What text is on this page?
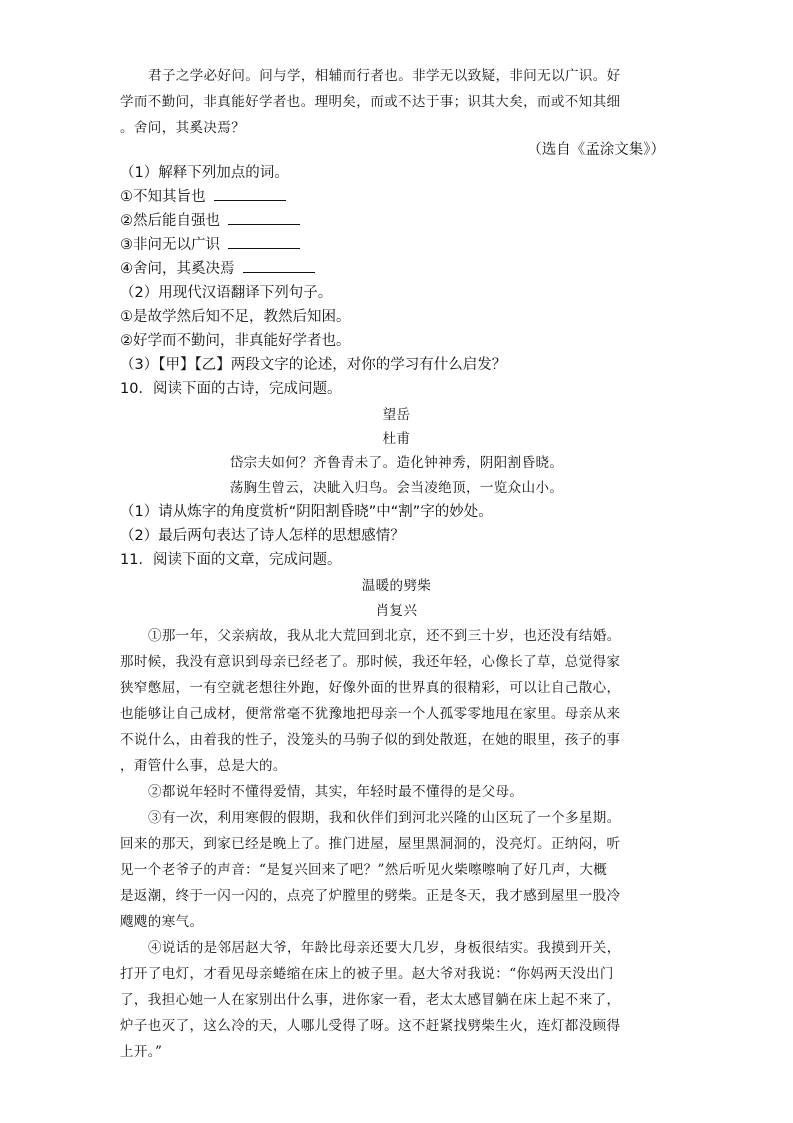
君子之学必好问。问与学，相辅而行者也。非学无以致疑，非问无以广识。好
学而不勤问，非真能好学者也。理明矣，而或不达于事；识其大矣，而或不知其细
。舍问，其奚决焉？
（选自《孟涂文集》）
（1）解释下列加点的词。
①不知其旨也
②然后能自强也
③非问无以广识
④舍问，其奚决焉
（2）用现代汉语翻译下列句子。
①是故学然后知不足，教然后知困。
②好学而不勤问，非真能好学者也。
（3）【甲】【乙】两段文字的论述，对你的学习有什么启发？
10．阅读下面的古诗，完成问题。
望岳
杜甫
岱宗夫如何？齐鲁青未了。造化钟神秀，阴阳割昏晓。
荡胸生曾云，决眦入归鸟。会当凌绝顶，一览众山小。
（1）请从炼字的角度赏析“阴阳割昏晓”中“割”字的妙处。
（2）最后两句表达了诗人怎样的思想感情？
11．阅读下面的文章，完成问题。
温暖的劈柴
肖复兴
①那一年，父亲病故，我从北大荒回到北京，还不到三十岁，也还没有结婚。
那时候，我没有意识到母亲已经老了。那时候，我还年轻，心像长了草，总觉得家
狭窄憋屈，一有空就老想往外跑，好像外面的世界真的很精彩，可以让自己散心，
也能够让自己成材，便常常毫不犹豫地把母亲一个人孤零零地甩在家里。母亲从来
不说什么，由着我的性子，没笼头的马驹子似的到处散逛，在她的眼里，孩子的事
，甭管什么事，总是大的。
②都说年轻时不懂得爱情，其实，年轻时最不懂得的是父母。
③有一次，利用寒假的假期，我和伙伴们到河北兴隆的山区玩了一个多星期。
回来的那天，到家已经是晚上了。推门进屋，屋里黑洞洞的，没亮灯。正纳闷，听
见一个老爷子的声音：“是复兴回来了吧？”然后听见火柴嚓嚓响了好几声，大概
是返潮，终于一闪一闪的，点亮了炉膛里的劈柴。正是冬天，我才感到屋里一股冷
飕飕的寒气。
④说话的是邻居赵大爷，年龄比母亲还要大几岁，身板很结实。我摸到开关，
打开了电灯，才看见母亲蜷缩在床上的被子里。赵大爷对我说：“你妈两天没出门
了，我担心她一人在家别出什么事，进你家一看，老太太感冒躺在床上起不来了，
炉子也灭了，这么冷的天，人哪儿受得了呀。这不赶紧找劈柴生火，连灯都没顾得
上开。”
